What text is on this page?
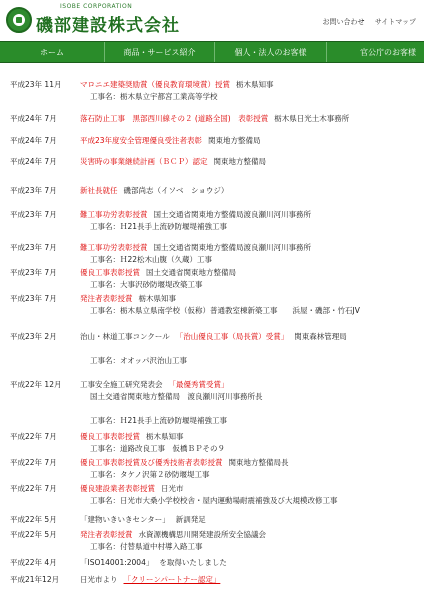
ISOBE CORPORATION
磯部建設株式会社	お問い合わせ サイトマップ
ホーム	商品・サービス紹介	個人・法人のお客様	官公庁のお客様
平成23年 11月	マロニエ建築奨励賞（優良教育環境賞）授賞 栃木県知事
工事名：栃木県立宇都宮工業高等学校
平成24年 7月	落石防止工事　黒部西川線その２ (道路全国)　表彰授賞 栃木県日光土木事務所
平成24年 7月	平成23年度安全管理優良受注者表彰 関東地方整備局
平成24年 7月	災害時の事業継続計画（ＢＣＰ）認定 関東地方整備局
平成23年 7月	新社長就任 磯部尚志（イソベ　ショウジ）
平成23年 7月	難工事功労表彰授賞 国土交通省関東地方整備局渡良瀬川河川事務所
工事名：Ｈ21長手上流砂防堰堤補強工事
平成23年 7月	難工事功労表彰授賞 国土交通省関東地方整備局渡良瀬川河川事務所
工事名：Ｈ22松木山腹（久蔵）工事
平成23年 7月	優良工事表彰授賞 国土交通省関東地方整備局
工事名：大事沢砂防堰堤改築工事
平成23年 7月	発注者表彰授賞 栃木県知事
工事名：栃木県立県南学校（仮称）普通教室棟新築工事　　浜屋・磯部・竹石JV
平成23年 2月	治山・林道工事コンクール 「治山優良工事（局長賞）受賞」 関東森林管理局
工事名：オオッパ沢治山工事
平成22年 12月	工事安全施工研究発表会 「最優秀賞受賞」
国土交通省関東地方整備局　渡良瀬川河川事務所長
工事名：Ｈ21長手上流砂防堰堤補強工事
平成22年 7月	優良工事表彰授賞 栃木県知事
工事名：道路改良工事　仮橋ＢＰその９
平成22年 7月	優良工事表彰授賞及び優秀技術者表彰授賞 関東地方整備局長
工事名：タケノ沢第２砂防堰堤工事
平成22年 7月	優良建設業者表彰授賞 日光市
工事名：日光市大桑小学校校舎・屋内運動場耐震補強及び大規模改修工事
平成22年 5月	「建物いきいきセンター」 新訓発足
平成22年 5月	発注者表彰授賞 水資源機構思川開発建設所安全協議会
工事名：付替県道中村導入路工事
平成22年 4月	「ISO14001:2004」 を取得いたしました
平成21年12月	日光市より 「クリーンパートナー認定」
